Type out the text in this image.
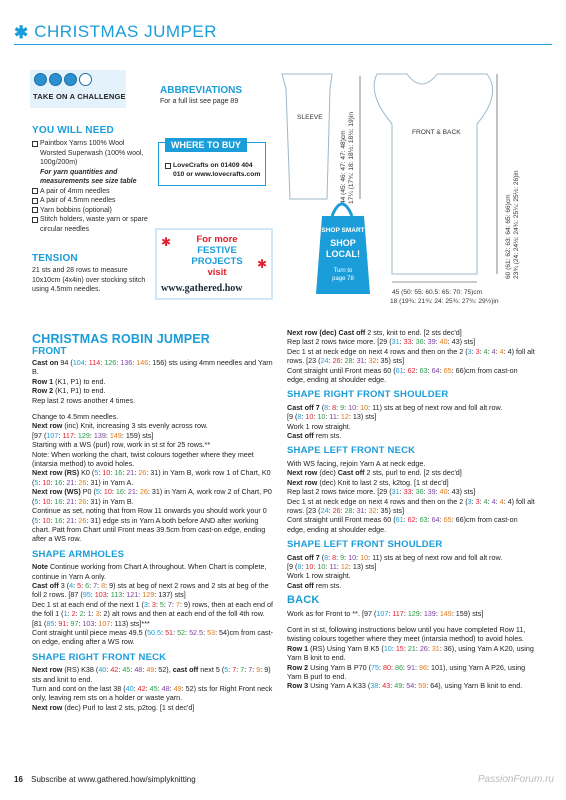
✱ CHRISTMAS JUMPER
TAKE ON A CHALLENGE
YOU WILL NEED
Paintbox Yarns 100% Wool Worsted Superwash (100% wool, 100g/200m)
For yarn quantities and measurements see size table
A pair of 4mm needles
A pair of 4.5mm needles
Yarn bobbins (optional)
Stitch holders, waste yarn or spare circular needles
TENSION
21 sts and 28 rows to measure 10x10cm (4x4in) over stocking stitch using 4.5mm needles.
ABBREVIATIONS
For a full list see page 89
WHERE TO BUY
LoveCrafts on 01409 404
010 or www.lovecrafts.com
✱
✱
For more
FESTIVE
PROJECTS
visit
www.gathered.how
SLEEVE
44 (45: 46: 47: 47: 48)cm 17¼ (17¾: 18: 18½: 18½: 19)in	FRONT & BACK
60 (61: 62: 63: 64: 65: 66)cm 23¾ (24: 24½: 24¾: 25¼: 25½: 26)in
45 (50: 55: 60.5: 65: 70: 75)cm
18 (19¾: 21¾: 24: 25¾: 27¾: 29½)in
SHOP SMART
SHOP
LOCAL!
Turn to
page 78
CHRISTMAS ROBIN JUMPER
FRONT

Cast on 94 (104: 114: 126: 136: 146: 156) sts using 4mm needles and Yarn B.

Row 1 (K1, P1) to end.

Row 2 (K1, P1) to end.

Rep last 2 rows another 4 times.

Change to 4.5mm needles.

Next row (inc) Knit, increasing 3 sts evenly across row.

[97 (107: 117: 129: 139: 149: 159) sts]

Starting with a WS (purl) row, work in st st for 25 rows.**

Note: When working the chart, twist colours together where they meet (intarsia method) to avoid holes.

Next row (RS) K0 (5: 10: 16: 21: 26: 31) in Yarn B, work row 1 of Chart, K0 (5: 10: 16: 21: 26: 31) in Yarn A.

Next row (WS) P0 (5: 10: 16: 21: 26: 31) in Yarn A, work row 2 of Chart, P0 (5: 10: 16: 21: 26: 31) in Yarn B.

Continue as set, noting that from Row 11 onwards you should work your 0 (5: 10: 16: 21: 26: 31) edge sts in Yarn A both before AND after working chart. Patt from Chart until Front meas 39.5cm from cast-on edge, ending after a WS row.

SHAPE ARMHOLES

Note Continue working from Chart A throughout. When Chart is complete, continue in Yarn A only.

Cast off 3 (4: 5: 6: 7: 8: 9) sts at beg of next 2 rows and 2 sts at beg of the foll 2 rows. [87 (95: 103: 113: 121: 129: 137) sts]

Dec 1 st at each end of the next 1 (3: 3: 5: 7: 7: 9) rows, then at each end of the foll 1 (1: 2: 2: 1: 3: 2) alt rows and then at each end of the foll 4th row. [81 (85: 91: 97: 103: 107: 113) sts]***

Cont straight until piece meas 49.5 (50.5: 51: 52: 52.5: 53: 54)cm from cast-on edge, ending after a WS row.

SHAPE RIGHT FRONT NECK

Next row (RS) K38 (40: 42: 45: 48: 49: 52), cast off next 5 (5: 7: 7: 7: 9: 9) sts and knit to end.

Turn and cont on the last 38 (40: 42: 45: 48: 49: 52) sts for Right Front neck only, leaving rem sts on a holder or waste yarn.

Next row (dec) Purl to last 2 sts, p2tog. [1 st dec'd]

Next row (dec) Cast off 2 sts, knit to end. [2 sts dec'd]

Rep last 2 rows twice more. [29 (31: 33: 36: 39: 40: 43) sts]

Dec 1 st at neck edge on next 4 rows and then on the 2 (3: 3: 4: 4: 4: 4) foll alt rows. [23 (24: 26: 28: 31: 32: 35) sts]

Cont straight until Front meas 60 (61: 62: 63: 64: 65: 66)cm from cast-on edge, ending at shoulder edge.

SHAPE RIGHT FRONT SHOULDER

Cast off 7 (8: 8: 9: 10: 10: 11) sts at beg of next row and foll alt row.

[9 (8: 10: 10: 11: 12: 13) sts]

Work 1 row straight.

Cast off rem sts.

SHAPE LEFT FRONT NECK

With WS facing, rejoin Yarn A at neck edge.

Next row (dec) Cast off 2 sts, purl to end. [2 sts dec'd]

Next row (dec) Knit to last 2 sts, k2tog. [1 st dec'd]

Rep last 2 rows twice more. [29 (31: 33: 36: 39: 40: 43) sts]

Dec 1 st at neck edge on next 4 rows and then on the 2 (3: 3: 4: 4: 4: 4) foll alt rows. [23 (24: 26: 28: 31: 32: 35) sts]

Cont straight until Front meas 60 (61: 62: 63: 64: 65: 66)cm from cast-on edge, ending at shoulder edge.

SHAPE LEFT FRONT SHOULDER

Cast off 7 (8: 8: 9: 10: 10: 11) sts at beg of next row and foll alt row.

[9 (8: 10: 10: 11: 12: 13) sts]

Work 1 row straight.

Cast off rem sts.

BACK

Work as for Front to **. [97 (107: 117: 129: 139: 149: 159) sts]

Cont in st st, following instructions below until you have completed Row 11, twisting colours together where they meet (intarsia method) to avoid holes.

Row 1 (RS) Using Yarn B K5 (10: 15: 21: 26: 31: 36), using Yarn A K20, using Yarn B knit to end.

Row 2 Using Yarn B P70 (75: 80: 86: 91: 96: 101), using Yarn A P26, using Yarn B purl to end.

Row 3 Using Yarn A K33 (38: 43: 49: 54: 59: 64), using Yarn B knit to end.

16 Subscribe at www.gathered.how/simplyknitting	PassionForum.ru
